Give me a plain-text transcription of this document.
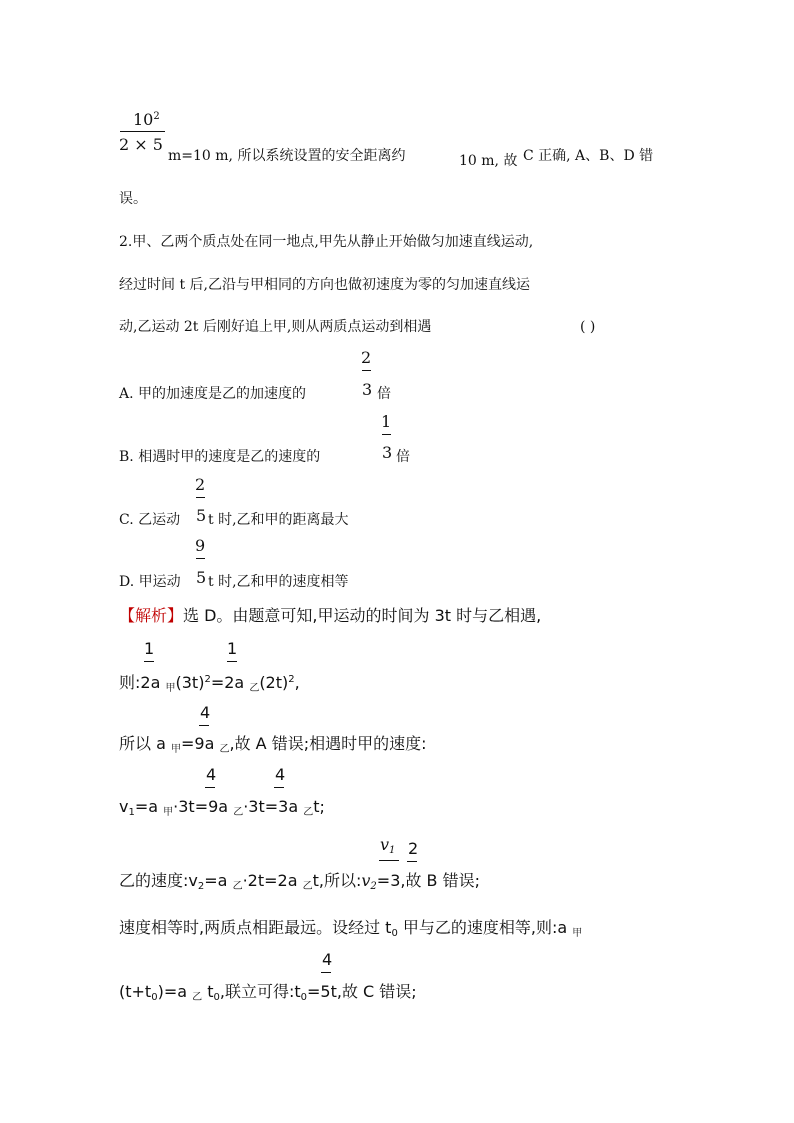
$10^2$
2 × 5
m=10 m, 所以系统设置的安全距离约	10 m, 故 C 正确, A、B、D 错
误。
2.甲、乙两个质点处在同一地点,甲先从静止开始做匀加速直线运动,
经过时间 t 后,乙沿与甲相同的方向也做初速度为零的匀加速直线运
动,乙运动 2t 后刚好追上甲,则从两质点运动到相遇	( )
A. 甲的加速度是乙的加速度的
2
3 倍
B. 相遇时甲的速度是乙的速度的
1
3 倍
C. 乙运动
2
5 t 时,乙和甲的距离最大
D. 甲运动
9
5 t 时,乙和甲的速度相等
【解析】选 D。由题意可知,甲运动的时间为 3t 时与乙相遇,
1	1
则:2a $_甲(3t)^2=2a$ $_乙(2t)^2$,
4
所以 a $_甲$=9a $_乙$,故 A 错误;相遇时甲的速度:
4	4
$v_1=a$ $_甲$·3t=9a $_乙$·3t=3a $_乙$t;
$v_1$ 2
乙的速度$:v_2=a$ $_乙$·2t=2a $_乙$t,所以$:v_2=3$,故 B 错误;
速度相等时,两质点相距最远。设经过 $t_0$ 甲与乙的速度相等,则:a $_甲$
4
$(t+t_0)=a$ $_乙$ $t_0$,联立可得$:t_0=5t$,故 C 错误;
